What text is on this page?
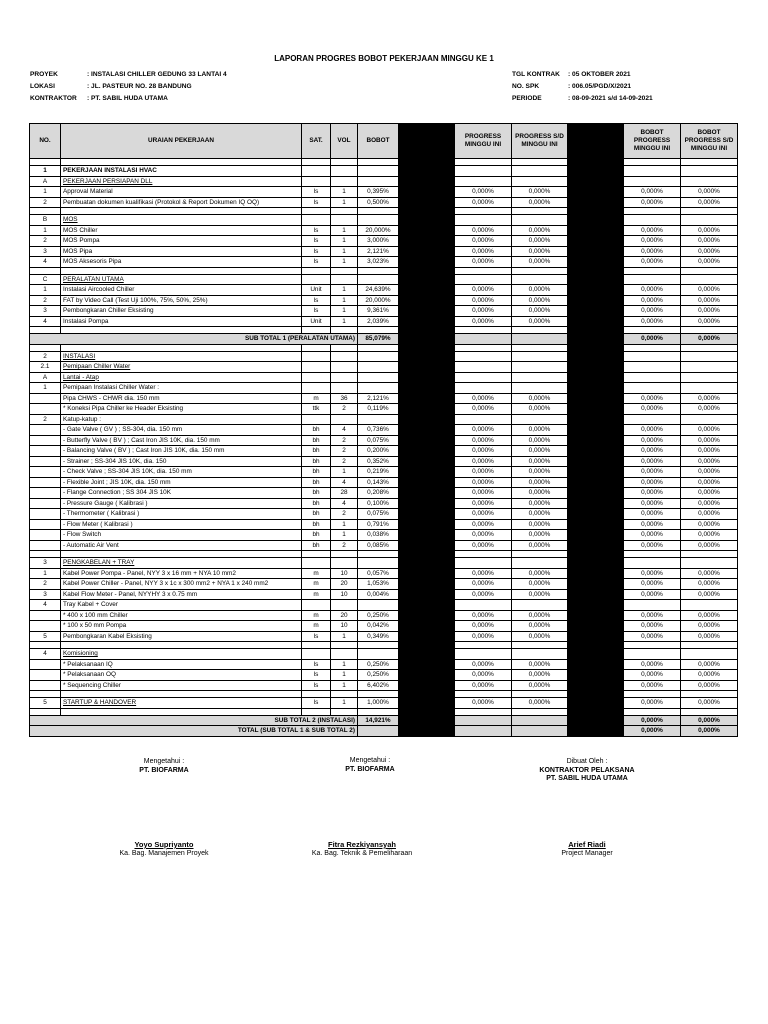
LAPORAN PROGRES BOBOT PEKERJAAN MINGGU KE 1
PROYEK	: INSTALASI CHILLER GEDUNG 33 LANTAI 4
LOKASI	: JL. PASTEUR NO. 28 BANDUNG
KONTRAKTOR : PT. SABIL HUDA UTAMA
TGL KONTRAK : 05 OKTOBER 2021
NO. SPK	: 006.05/PGD/X/2021
PERIODE	: 08-09-2021 s/d 14-09-2021
NO.	URAIAN PEKERJAAN	SAT.	VOL	BOBOT		PROGRESS MINGGU INI	PROGRESS S/D MINGGU INI		BOBOT PROGRESS MINGGU INI	BOBOT PROGRESS S/D MINGGU INI

1	PEKERJAAN INSTALASI HVAC									
A	PEKERJAAN PERSIAPAN DLL									
1	Approval Material	ls	1	0,395%		0,000%	0,000%		0,000%	0,000%
2	Pembuatan dokumen kualifikasi (Protokol & Report Dokumen IQ OQ)	ls	1	0,500%		0,000%	0,000%		0,000%	0,000%

B	MOS									
1	MOS Chiller	ls	1	20,000%		0,000%	0,000%		0,000%	0,000%
2	MOS Pompa	ls	1	3,000%		0,000%	0,000%		0,000%	0,000%
3	MOS Pipa	ls	1	2,121%		0,000%	0,000%		0,000%	0,000%
4	MOS Aksesoris Pipa	ls	1	3,023%		0,000%	0,000%		0,000%	0,000%

C	PERALATAN UTAMA									
1	Instalasi Aircooled Chiller	Unit	1	24,639%		0,000%	0,000%		0,000%	0,000%
2	FAT by Video Call (Test Uji 100%, 75%, 50%, 25%)	ls	1	20,000%		0,000%	0,000%		0,000%	0,000%
3	Pembongkaran Chiller Eksisting	ls	1	9,361%		0,000%	0,000%		0,000%	0,000%
4	Instalasi Pompa	Unit	1	2,039%		0,000%	0,000%		0,000%	0,000%

SUB TOTAL 1 (PERALATAN UTAMA)				85,079%					0,000%	0,000%

2	INSTALASI									
2.1	Pemipaan Chiller Water									
A	Lantai - Atap									
1	Pemipaan Instalasi Chiller Water :									
	Pipa CHWS - CHWR dia. 150 mm	m	36	2,121%		0,000%	0,000%		0,000%	0,000%
	* Koneksi Pipa Chiller ke Header Eksisting	ttk	2	0,119%		0,000%	0,000%		0,000%	0,000%
2	Katup-katup :									
	- Gate Valve ( GV ) ; SS-304, dia. 150 mm	bh	4	0,736%		0,000%	0,000%		0,000%	0,000%
	- Butterfly Valve ( BV ) ; Cast Iron JIS 10K, dia. 150 mm	bh	2	0,075%		0,000%	0,000%		0,000%	0,000%
	- Balancing Valve ( BV ) ; Cast Iron JIS 10K, dia. 150 mm	bh	2	0,200%		0,000%	0,000%		0,000%	0,000%
	- Strainer ; SS-304 JIS 10K, dia. 150	bh	2	0,352%		0,000%	0,000%		0,000%	0,000%
	- Check Valve ; SS-304 JIS 10K, dia. 150 mm	bh	1	0,219%		0,000%	0,000%		0,000%	0,000%
	- Flexible Joint ; JIS 10K, dia. 150 mm	bh	4	0,143%		0,000%	0,000%		0,000%	0,000%
	- Flange Connection ; SS 304 JIS 10K	bh	28	0,208%		0,000%	0,000%		0,000%	0,000%
	- Pressure Gauge ( Kalibrasi )	bh	4	0,100%		0,000%	0,000%		0,000%	0,000%
	- Thermometer ( Kalibrasi )	bh	2	0,075%		0,000%	0,000%		0,000%	0,000%
	- Flow Meter ( Kalibrasi )	bh	1	0,791%		0,000%	0,000%		0,000%	0,000%
	- Flow Switch	bh	1	0,038%		0,000%	0,000%		0,000%	0,000%
	- Automatic Air Vent	bh	2	0,085%		0,000%	0,000%		0,000%	0,000%

3	PENGKABELAN + TRAY									
1	Kabel Power Pompa - Panel, NYY 3 x 16 mm + NYA 10 mm2	m	10	0,057%		0,000%	0,000%		0,000%	0,000%
2	Kabel Power Chiller - Panel, NYY 3 x 1c x 300 mm2 + NYA 1 x 240 mm2	m	20	1,053%		0,000%	0,000%		0,000%	0,000%
3	Kabel Flow Meter - Panel, NYYHY 3 x 0.75 mm	m	10	0,004%		0,000%	0,000%		0,000%	0,000%
4	Tray Kabel + Cover									
	* 400 x 100 mm Chiller	m	20	0,250%		0,000%	0,000%		0,000%	0,000%
	* 100 x 50 mm Pompa	m	10	0,042%		0,000%	0,000%		0,000%	0,000%
5	Pembongkaran Kabel Eksisting	ls	1	0,349%		0,000%	0,000%		0,000%	0,000%

4	Komisioning									
	* Pelaksanaan IQ	ls	1	0,250%		0,000%	0,000%		0,000%	0,000%
	* Pelaksanaan OQ	ls	1	0,250%		0,000%	0,000%		0,000%	0,000%
	* Sequencing Chiller	ls	1	6,402%		0,000%	0,000%		0,000%	0,000%

5	STARTUP & HANDOVER	ls	1	1,000%		0,000%	0,000%		0,000%	0,000%

SUB TOTAL 2 (INSTALASI)				14,921%					0,000%	0,000%
TOTAL (SUB TOTAL 1 & SUB TOTAL 2)									0,000%	0,000%
Mengetahui :
PT. BIOFARMA
Yoyo Supriyanto
Ka. Bag. Manajemen Proyek
Mengetahui :
PT. BIOFARMA
Fitra Rezkiyansyah
Ka. Bag. Teknik & Pemeliharaan
Dibuat Oleh :
KONTRAKTOR PELAKSANA
PT. SABIL HUDA UTAMA
Arief Riadi
Project Manager
